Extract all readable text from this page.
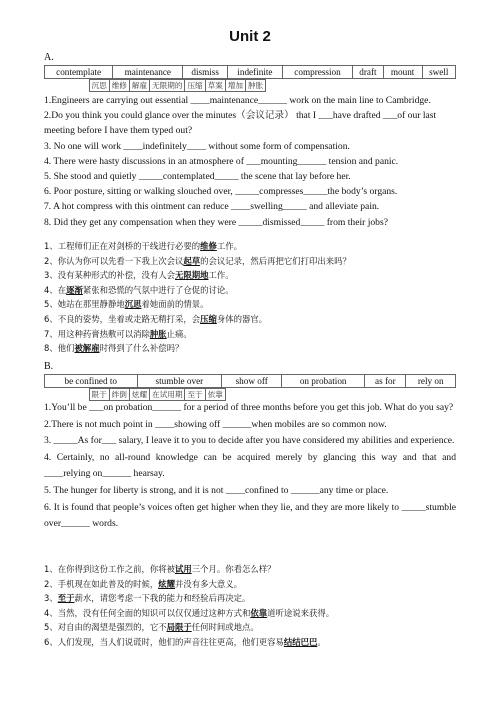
Unit 2
A.
contemplate	maintenance	dismiss	indefinite	compression	draft	mount	swell

沉思	维修	解雇	无限期的	压缩	草案	增加	肿胀

1.Engineers are carrying out essential ____maintenance______ work on the main line to Cambridge.

2.Do you think you could glance over the minutes（会议记录） that I ___have drafted ___of our last meeting before I have them typed out?

3. No one will work ____indefinitely____ without some form of compensation.

4. There were hasty discussions in an atmosphere of ___mounting______ tension and panic.

5. She stood and quietly _____contemplated_____ the scene that lay before her.

6. Poor posture, sitting or walking slouched over, _____compresses_____the body’s organs.

7. A hot compress with this ointment can reduce ____swelling_____ and alleviate pain.

8. Did they get any compensation when they were _____dismissed_____ from their jobs?

1、工程师们正在对剑桥的干线进行必要的维修工作。

2、你认为你可以先看一下我上次会议起草的会议记录，然后再把它们打印出来吗？

3、没有某种形式的补偿，没有人会无限期地工作。

4、在逐渐紧张和恐慌的气氛中进行了仓促的讨论。

5、她站在那里静静地沉思着她面前的情景。

6、不良的姿势，坐着或走路无精打采，会压缩身体的器官。

7、用这种药膏热敷可以消除肿胀止痛。

8、他们被解雇时得到了什么补偿吗？

B.
be confined to	stumble over	show off	on probation	as for	rely on

限于	绊倒	炫耀	在试用期	至于	依靠

1.You’ll be ___on probation______ for a period of three months before you get this job. What do you say?

2.There is not much point in ____showing off ______when mobiles are so common now.

3. _____As for___ salary, I leave it to you to decide after you have considered my abilities and experience.

4. Certainly, no all-round knowledge can be acquired merely by glancing this way and that and ____relying on______ hearsay.

5. The hunger for liberty is strong, and it is not ____confined to ______any time or place.

6. It is found that people’s voices often get higher when they lie, and they are more likely to _____stumble over______ words.

1、在你得到这份工作之前，你将被试用三个月。你看怎么样？

2、手机现在如此普及的时候，炫耀并没有多大意义。

3、至于薪水，请您考虑一下我的能力和经验后再决定。

4、当然，没有任何全面的知识可以仅仅通过这种方式和依靠道听途说来获得。

5、对自由的渴望是强烈的，它不局限于任何时间或地点。

6、人们发现，当人们说谎时，他们的声音往往更高，他们更容易结结巴巴。
